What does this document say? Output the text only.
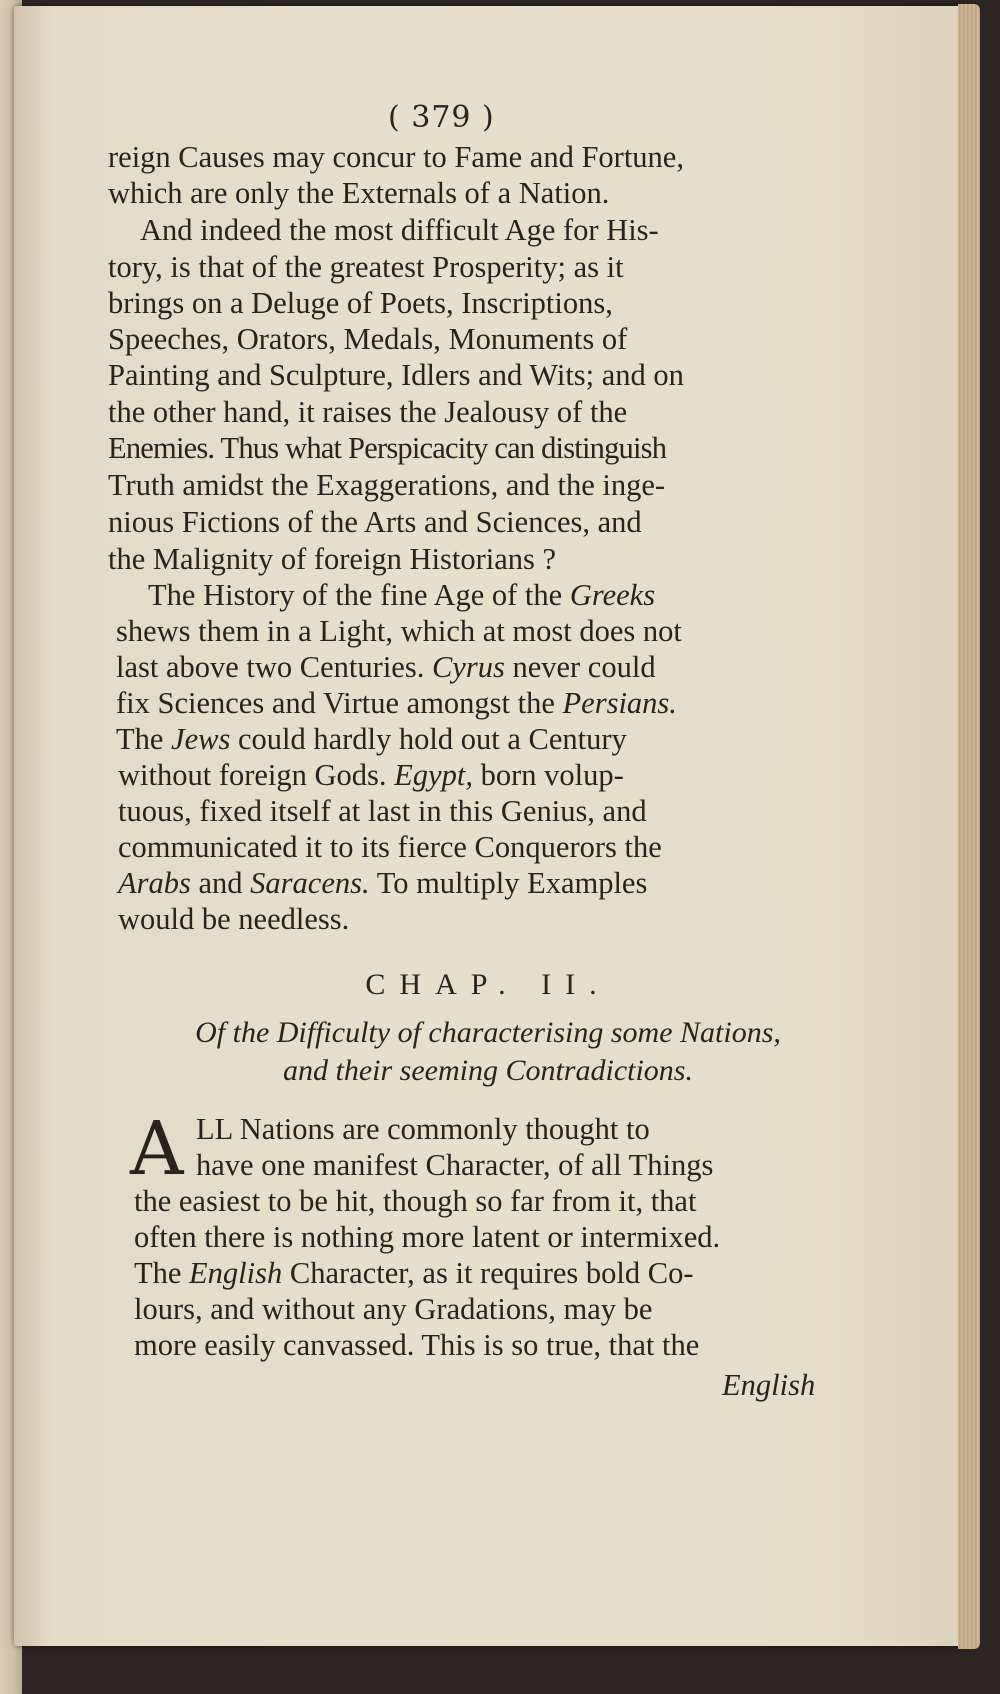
( 379 )
reign Causes may concur to Fame and Fortune,
which are only the Externals of a Nation.
And indeed the most difficult Age for His-
tory, is that of the greatest Prosperity; as it
brings on a Deluge of Poets, Inscriptions,
Speeches, Orators, Medals, Monuments of
Painting and Sculpture, Idlers and Wits; and on
the other hand, it raises the Jealousy of the
Enemies. Thus what Perspicacity can distinguish
Truth amidst the Exaggerations, and the inge-
nious Fictions of the Arts and Sciences, and
the Malignity of foreign Historians ?
The History of the fine Age of the Greeks
shews them in a Light, which at most does not
last above two Centuries. Cyrus never could
fix Sciences and Virtue amongst the Persians.
The Jews could hardly hold out a Century
without foreign Gods. Egypt, born volup-
tuous, fixed itself at last in this Genius, and
communicated it to its fierce Conquerors the
Arabs and Saracens. To multiply Examples
would be needless.
CHAP. II.
Of the Difficulty of characterising some Nations,
and their seeming Contradictions.
LL Nations are commonly thought to
have one manifest Character, of all Things
the easiest to be hit, though so far from it, that
often there is nothing more latent or intermixed.
The English Character, as it requires bold Co-
lours, and without any Gradations, may be
more easily canvassed. This is so true, that the
English
A
